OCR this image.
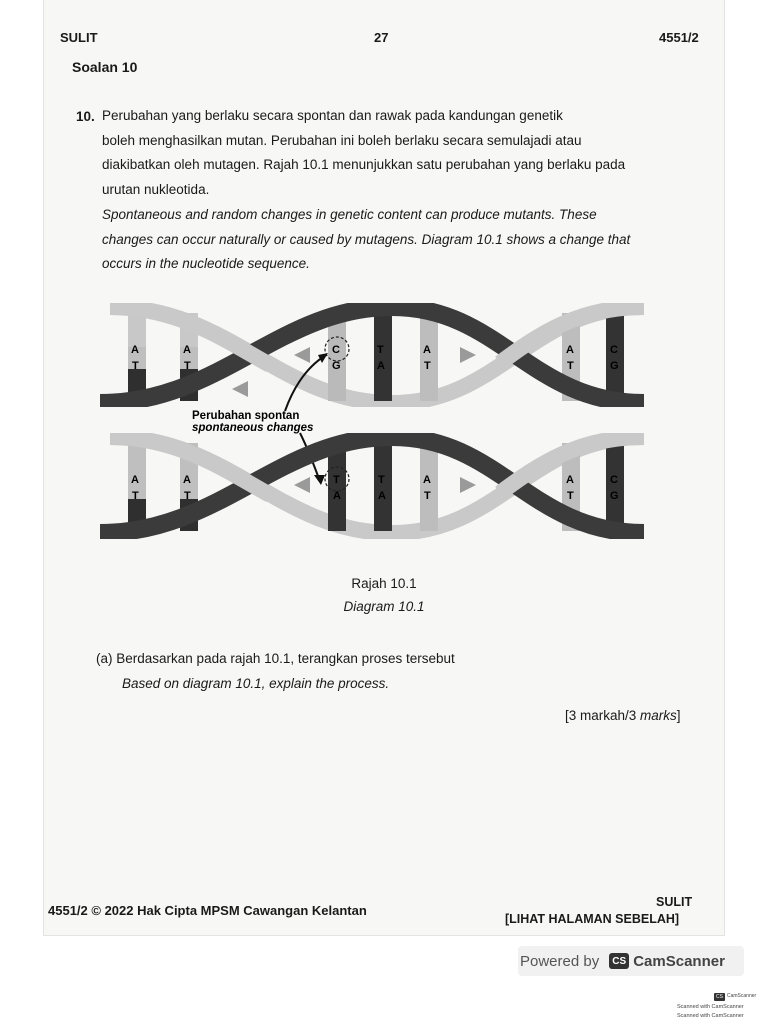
SULIT	27	4551/2
Soalan 10
10. Perubahan yang berlaku secara spontan dan rawak pada kandungan genetik
boleh menghasilkan mutan. Perubahan ini boleh berlaku secara semulajadi atau
diakibatkan oleh mutagen. Rajah 10.1 menunjukkan satu perubahan yang berlaku pada
urutan nukleotida.
Spontaneous and random changes in genetic content can produce mutants. These
changes can occur naturally or caused by mutagens. Diagram 10.1 shows a change that
occurs in the nucleotide sequence.
A	A	C	T	A	A	C
T	T	G	A	T	T	G
Perubahan spontan
spontaneous changes
A	A	T	T	A	A	C
T	T	A	A	T	T	G
Rajah 10.1
Diagram 10.1
(a) Berdasarkan pada rajah 10.1, terangkan proses tersebut
Based on diagram 10.1, explain the process.
[3 markah/3 marks]
4551/2 © 2022 Hak Cipta MPSM Cawangan Kelantan
SULIT
[LIHAT HALAMAN SEBELAH]
Powered by	CS CamScanner
CS CamScanner
Scanned with CamScanner
Scanned with CamScanner
